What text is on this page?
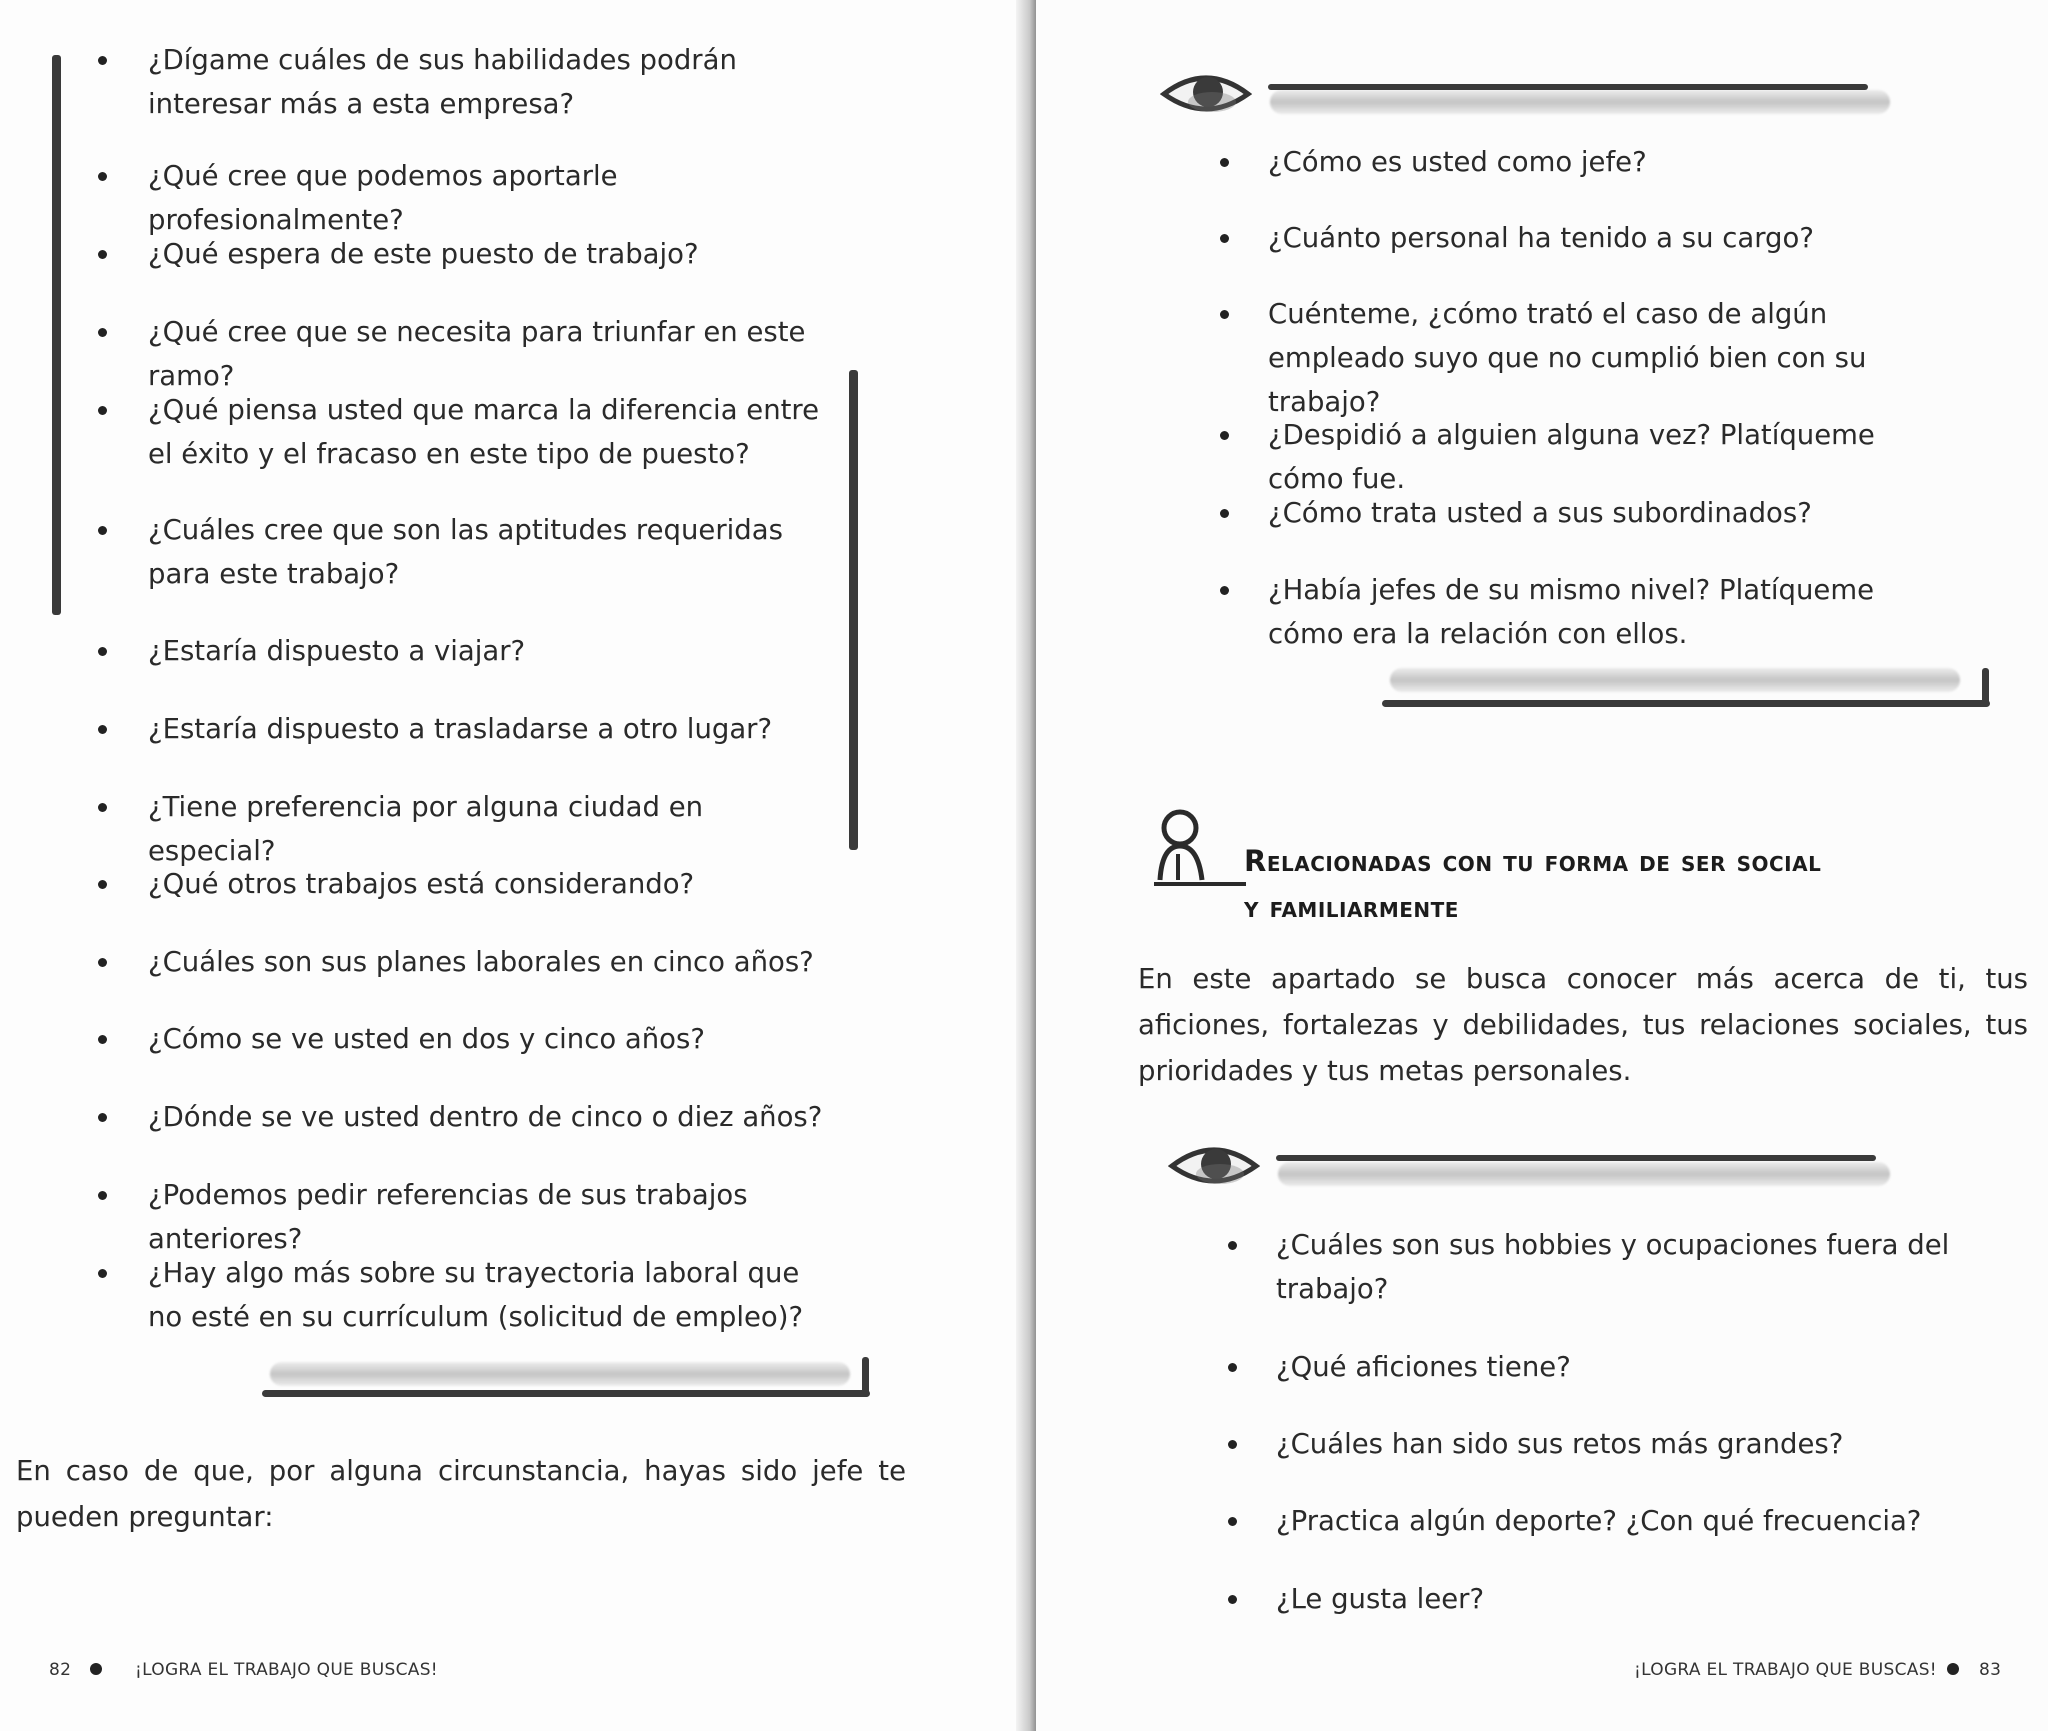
¿Dígame cuáles de sus habilidades podrán interesar más a esta empresa?
¿Qué cree que podemos aportarle profesionalmente?
¿Qué espera de este puesto de trabajo?
¿Qué cree que se necesita para triunfar en este ramo?
¿Qué piensa usted que marca la diferencia entre el éxito y el fracaso en este tipo de puesto?
¿Cuáles cree que son las aptitudes requeridas para este trabajo?
¿Estaría dispuesto a viajar?
¿Estaría dispuesto a trasladarse a otro lugar?
¿Tiene preferencia por alguna ciudad en especial?
¿Qué otros trabajos está considerando?
¿Cuáles son sus planes laborales en cinco años?
¿Cómo se ve usted en dos y cinco años?
¿Dónde se ve usted dentro de cinco o diez años?
¿Podemos pedir referencias de sus trabajos anteriores?
¿Hay algo más sobre su trayectoria laboral que no esté en su currículum (solicitud de empleo)?

En caso de que, por alguna circunstancia, hayas sido jefe te pueden preguntar:

82	¡LOGRA EL TRABAJO QUE BUSCAS!
¿Cómo es usted como jefe?
¿Cuánto personal ha tenido a su cargo?
Cuénteme, ¿cómo trató el caso de algún empleado suyo que no cumplió bien con su trabajo?
¿Despidió a alguien alguna vez? Platíqueme cómo fue.
¿Cómo trata usted a sus subordinados?
¿Había jefes de su mismo nivel? Platíqueme cómo era la relación con ellos.
Relacionadas con tu forma de ser social
y familiarmente

En este apartado se busca conocer más acerca de ti, tus aficiones, fortalezas y debilidades, tus relaciones sociales, tus prioridades y tus metas personales.

¿Cuáles son sus hobbies y ocupaciones fuera del trabajo?
¿Qué aficiones tiene?
¿Cuáles han sido sus retos más grandes?
¿Practica algún deporte? ¿Con qué frecuencia?
¿Le gusta leer?
¡LOGRA EL TRABAJO QUE BUSCAS! 83
